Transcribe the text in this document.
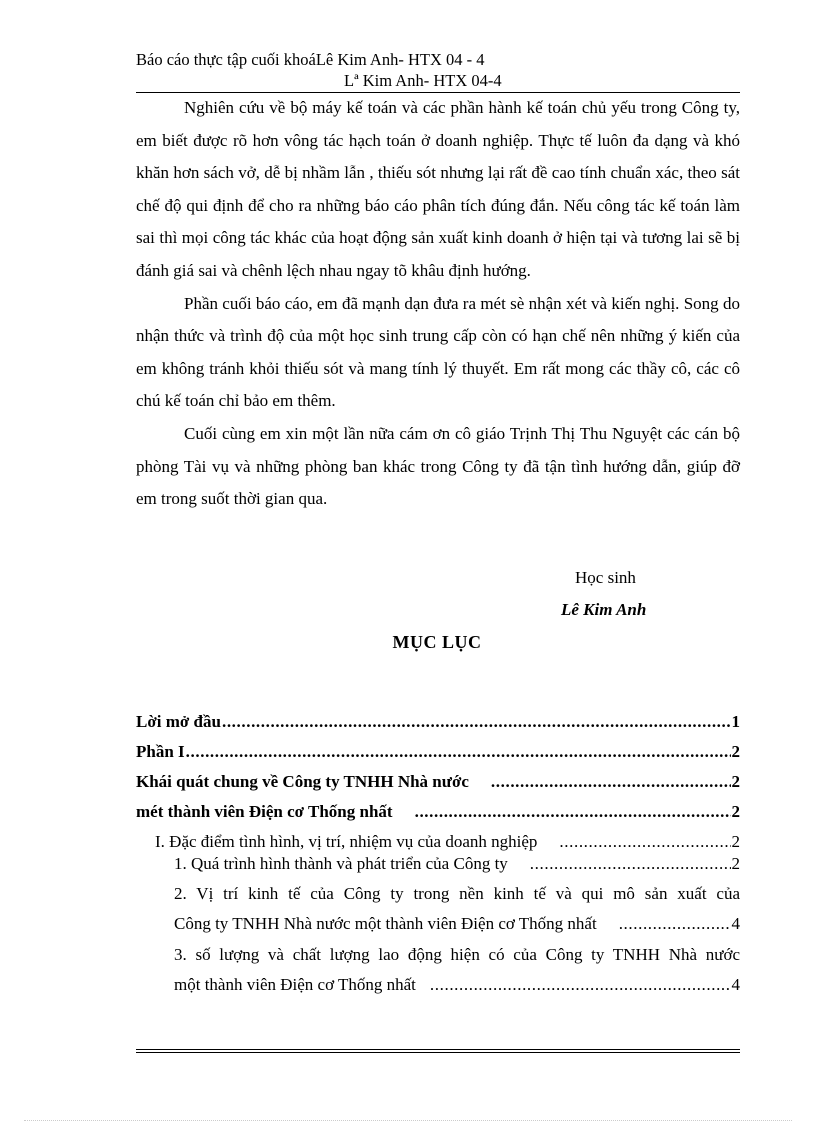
Báo cáo thực tập cuối khoáLê Kim Anh- HTX 04 - 4
Lª Kim Anh- HTX 04-4

Nghiên cứu về bộ máy kế toán và các phần hành kế toán chủ yếu trong Công ty, em biết được rõ hơn vông tác hạch toán ở doanh nghiệp. Thực tế luôn đa dạng và khó khăn hơn sách vở, dễ bị nhầm lẫn , thiếu sót nhưng lại rất đề cao tính chuẩn xác, theo sát chế độ qui định để cho ra những báo cáo phân tích đúng đắn. Nếu công tác kế toán làm sai thì mọi công tác khác của hoạt động sản xuất kinh doanh ở hiện tại và tương lai sẽ bị đánh giá sai và chênh lệch nhau ngay tõ khâu định hướng.

Phần cuối báo cáo, em đã mạnh dạn đưa ra mét sè nhận xét và kiến nghị. Song do nhận thức và trình độ của một học sinh trung cấp còn có hạn chế nên những ý kiến của em không tránh khỏi thiếu sót và mang tính lý thuyết. Em rất mong các thầy cô, các cô chú kế toán chỉ bảo em thêm.

Cuối cùng em xin một lần nữa cám ơn cô giáo Trịnh Thị Thu Nguyệt các cán bộ phòng Tài vụ và những phòng ban khác trong Công ty đã tận tình hướng dẫn, giúp đỡ em trong suốt thời gian qua.

Học sinh
Lê Kim Anh
MỤC LỤC
Lời mở đầu .....	1
Phần I .....	2
Khái quát chung về Công ty TNHH Nhà nước .....	2
mét thành viên Điện cơ Thống nhất .....	2
I. Đặc điểm tình hình, vị trí, nhiệm vụ của doanh nghiệp .....	2
1. Quá trình hình thành và phát triển của Công ty .....	2
2. Vị trí kinh tế của Công ty trong nền kinh tế và qui mô sản xuất của
Công ty TNHH Nhà nước một thành viên Điện cơ Thống nhất .....	4
3. số lượng và chất lượng lao động hiện có của Công ty TNHH Nhà nước
một thành viên Điện cơ Thống nhất .....	4
